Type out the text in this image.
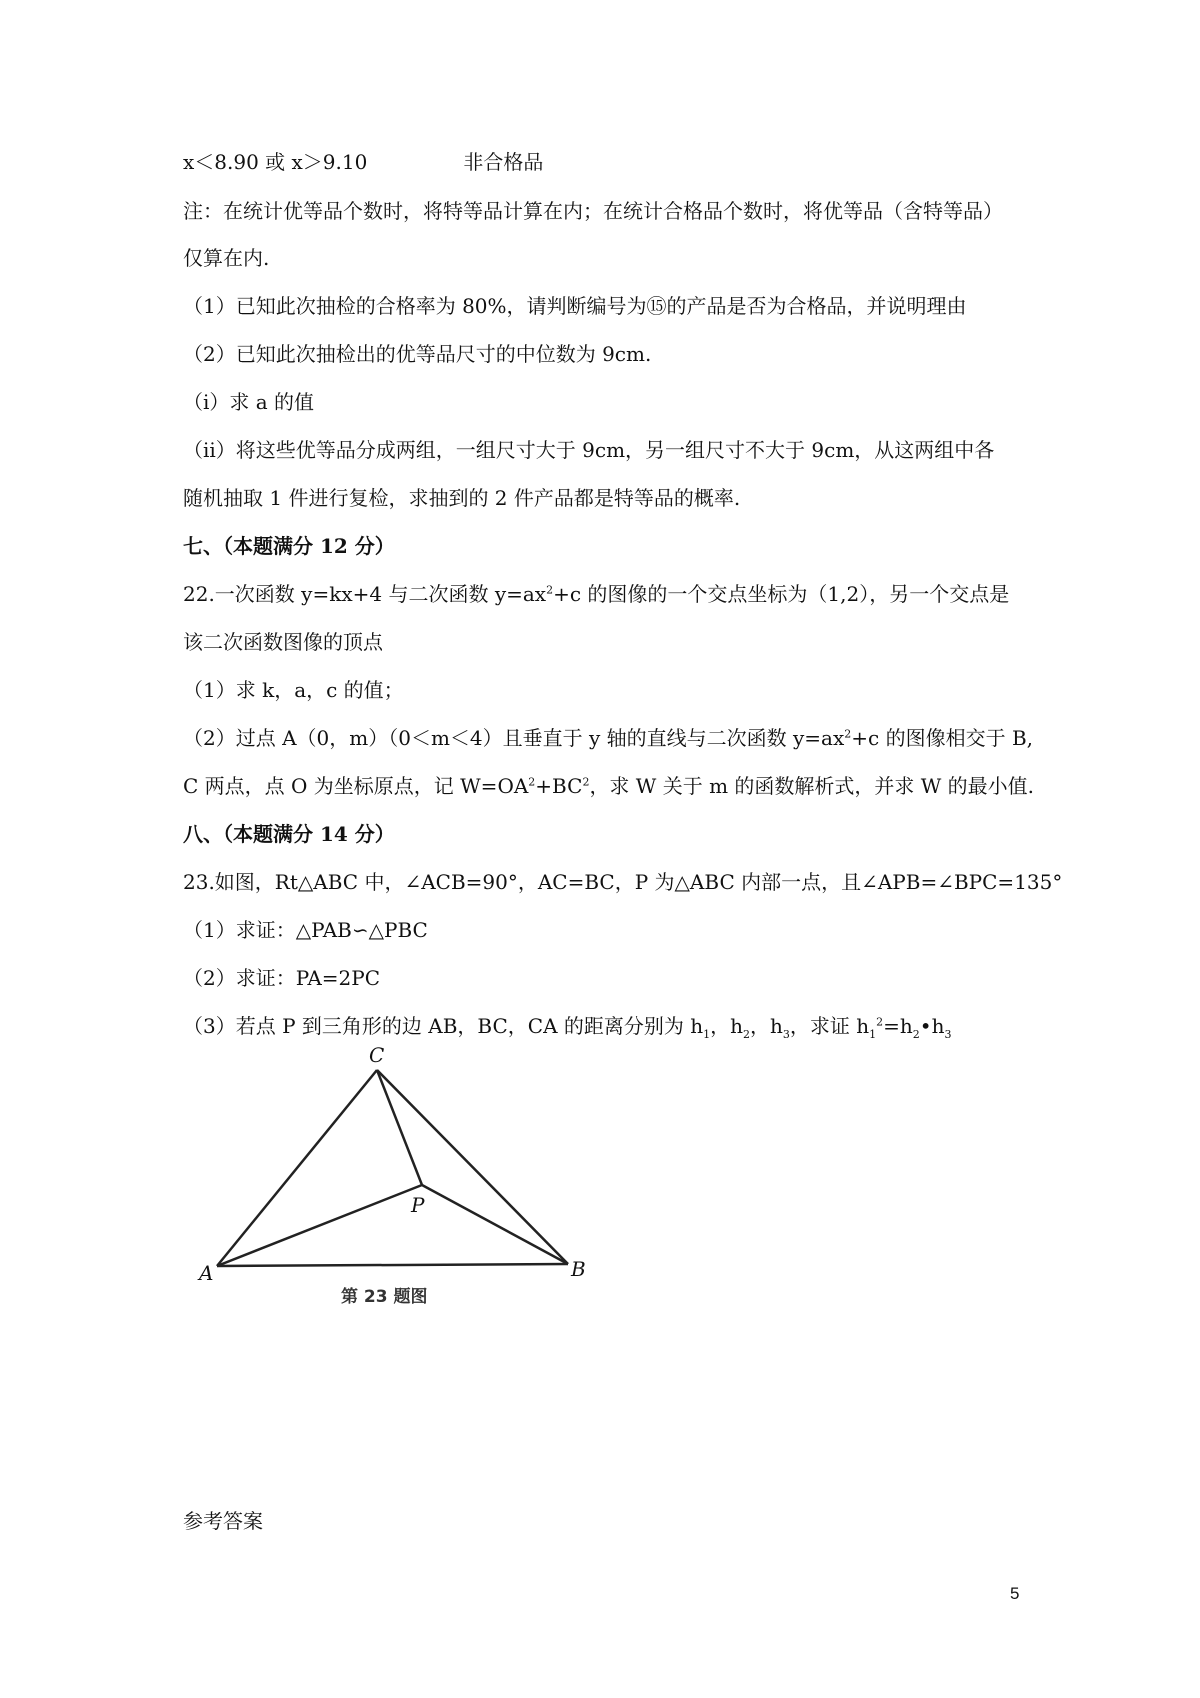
x＜8.90 或 x＞9.10	非合格品
注：在统计优等品个数时，将特等品计算在内；在统计合格品个数时，将优等品（含特等品）
仅算在内.
（1）已知此次抽检的合格率为 80%，请判断编号为⑮的产品是否为合格品，并说明理由
（2）已知此次抽检出的优等品尺寸的中位数为 9cm.
（i）求 a 的值
（ii）将这些优等品分成两组，一组尺寸大于 9cm，另一组尺寸不大于 9cm，从这两组中各
随机抽取 1 件进行复检，求抽到的 2 件产品都是特等品的概率.
七、（本题满分 12 分）
22.一次函数 y=kx+4 与二次函数 $y=ax^2+c$ 的图像的一个交点坐标为（1,2），另一个交点是
该二次函数图像的顶点
（1）求 k，a，c 的值；
（2）过点 A（0，m）（0＜m＜4）且垂直于 y 轴的直线与二次函数 $y=ax^2+c$ 的图像相交于 B,
C 两点，点 O 为坐标原点，记 $W=OA^2+BC^2$，求 W 关于 m 的函数解析式，并求 W 的最小值.
八、（本题满分 14 分）
23.如图，Rt△ABC 中，∠ACB=90°，AC=BC，P 为△ABC 内部一点，且∠APB=∠BPC=135°
（1）求证：△PAB∽△PBC
（2）求证：PA=2PC
（3）若点 P 到三角形的边 AB，BC，CA 的距离分别为 $h_1$，$h_2$，$h_3$，求证 $h_1^2=h_2•h_3$
C
A	B
P
第 23 题图
参考答案
5
